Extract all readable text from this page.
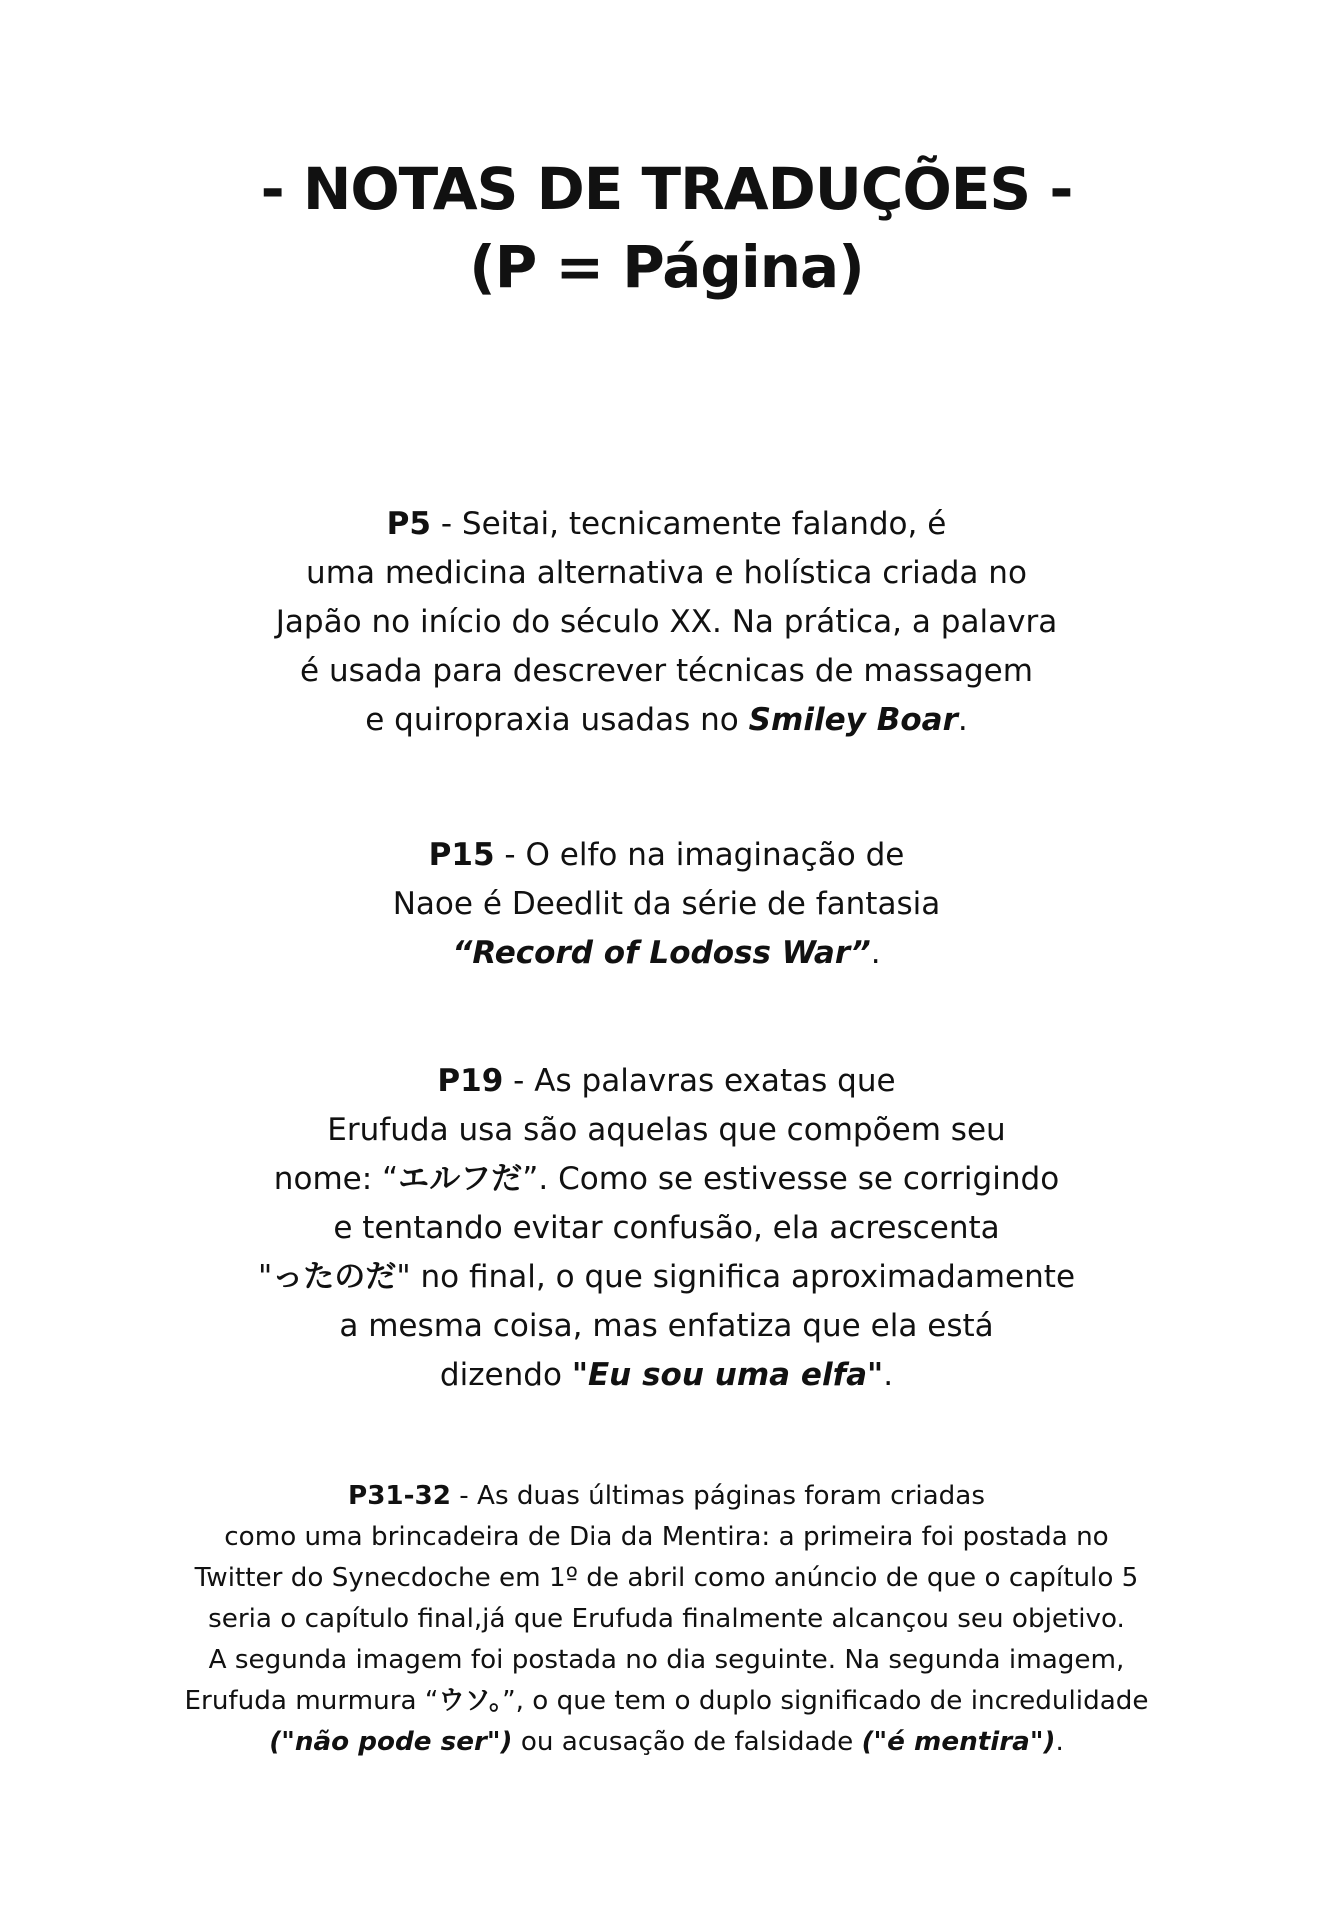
- NOTAS DE TRADUÇÕES -
(P = Página)
P5 - Seitai, tecnicamente falando, é
uma medicina alternativa e holística criada no
Japão no início do século XX. Na prática, a palavra
é usada para descrever técnicas de massagem
e quiropraxia usadas no Smiley Boar.
P15 - O elfo na imaginação de
Naoe é Deedlit da série de fantasia
“Record of Lodoss War”.
P19 - As palavras exatas que
Erufuda usa são aquelas que compõem seu
nome: “エルフだ”. Como se estivesse se corrigindo
e tentando evitar confusão, ela acrescenta
"ったのだ" no final, o que significa aproximadamente
a mesma coisa, mas enfatiza que ela está
dizendo "Eu sou uma elfa".
P31-32 - As duas últimas páginas foram criadas
como uma brincadeira de Dia da Mentira: a primeira foi postada no
Twitter do Synecdoche em 1º de abril como anúncio de que o capítulo 5
seria o capítulo final,já que Erufuda finalmente alcançou seu objetivo.
A segunda imagem foi postada no dia seguinte. Na segunda imagem,
Erufuda murmura “ウソ。”, o que tem o duplo significado de incredulidade
("não pode ser") ou acusação de falsidade ("é mentira").
